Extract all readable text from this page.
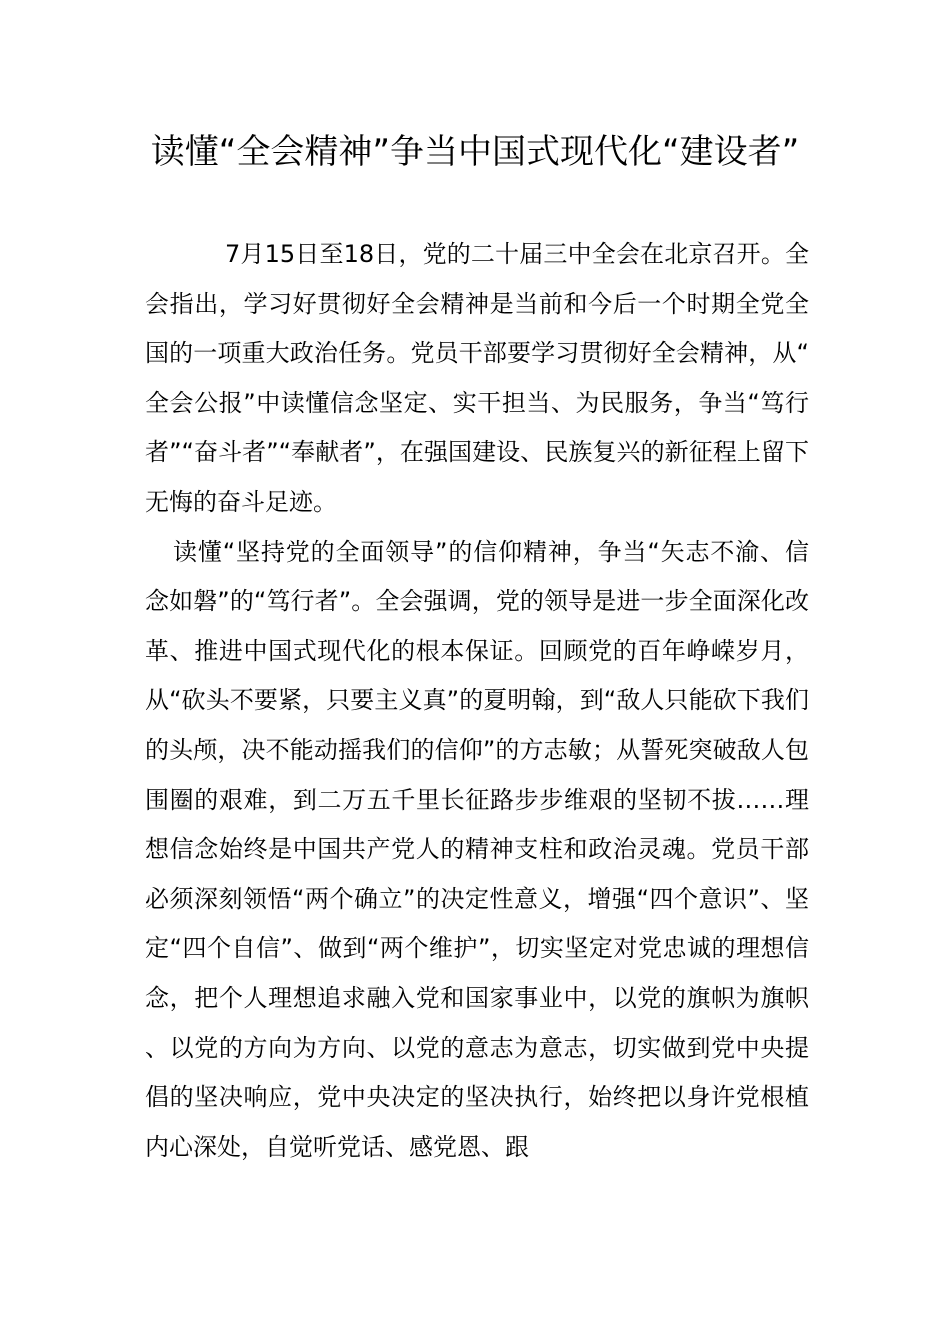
读懂“全会精神”争当中国式现代化“建设者”

7月15日至18日，党的二十届三中全会在北京召开。全会指出，学习好贯彻好全会精神是当前和今后一个时期全党全国的一项重大政治任务。党员干部要学习贯彻好全会精神，从“全会公报”中读懂信念坚定、实干担当、为民服务，争当“笃行者”“奋斗者”“奉献者”，在强国建设、民族复兴的新征程上留下无悔的奋斗足迹。

读懂“坚持党的全面领导”的信仰精神，争当“矢志不渝、信念如磐”的“笃行者”。全会强调，党的领导是进一步全面深化改革、推进中国式现代化的根本保证。回顾党的百年峥嵘岁月，从“砍头不要紧，只要主义真”的夏明翰，到“敌人只能砍下我们的头颅，决不能动摇我们的信仰”的方志敏；从誓死突破敌人包围圈的艰难，到二万五千里长征路步步维艰的坚韧不拔……理想信念始终是中国共产党人的精神支柱和政治灵魂。党员干部必须深刻领悟“两个确立”的决定性意义，增强“四个意识”、坚定“四个自信”、做到“两个维护”，切实坚定对党忠诚的理想信念，把个人理想追求融入党和国家事业中，以党的旗帜为旗帜、以党的方向为方向、以党的意志为意志，切实做到党中央提倡的坚决响应，党中央决定的坚决执行，始终把以身许党根植内心深处，自觉听党话、感党恩、跟
